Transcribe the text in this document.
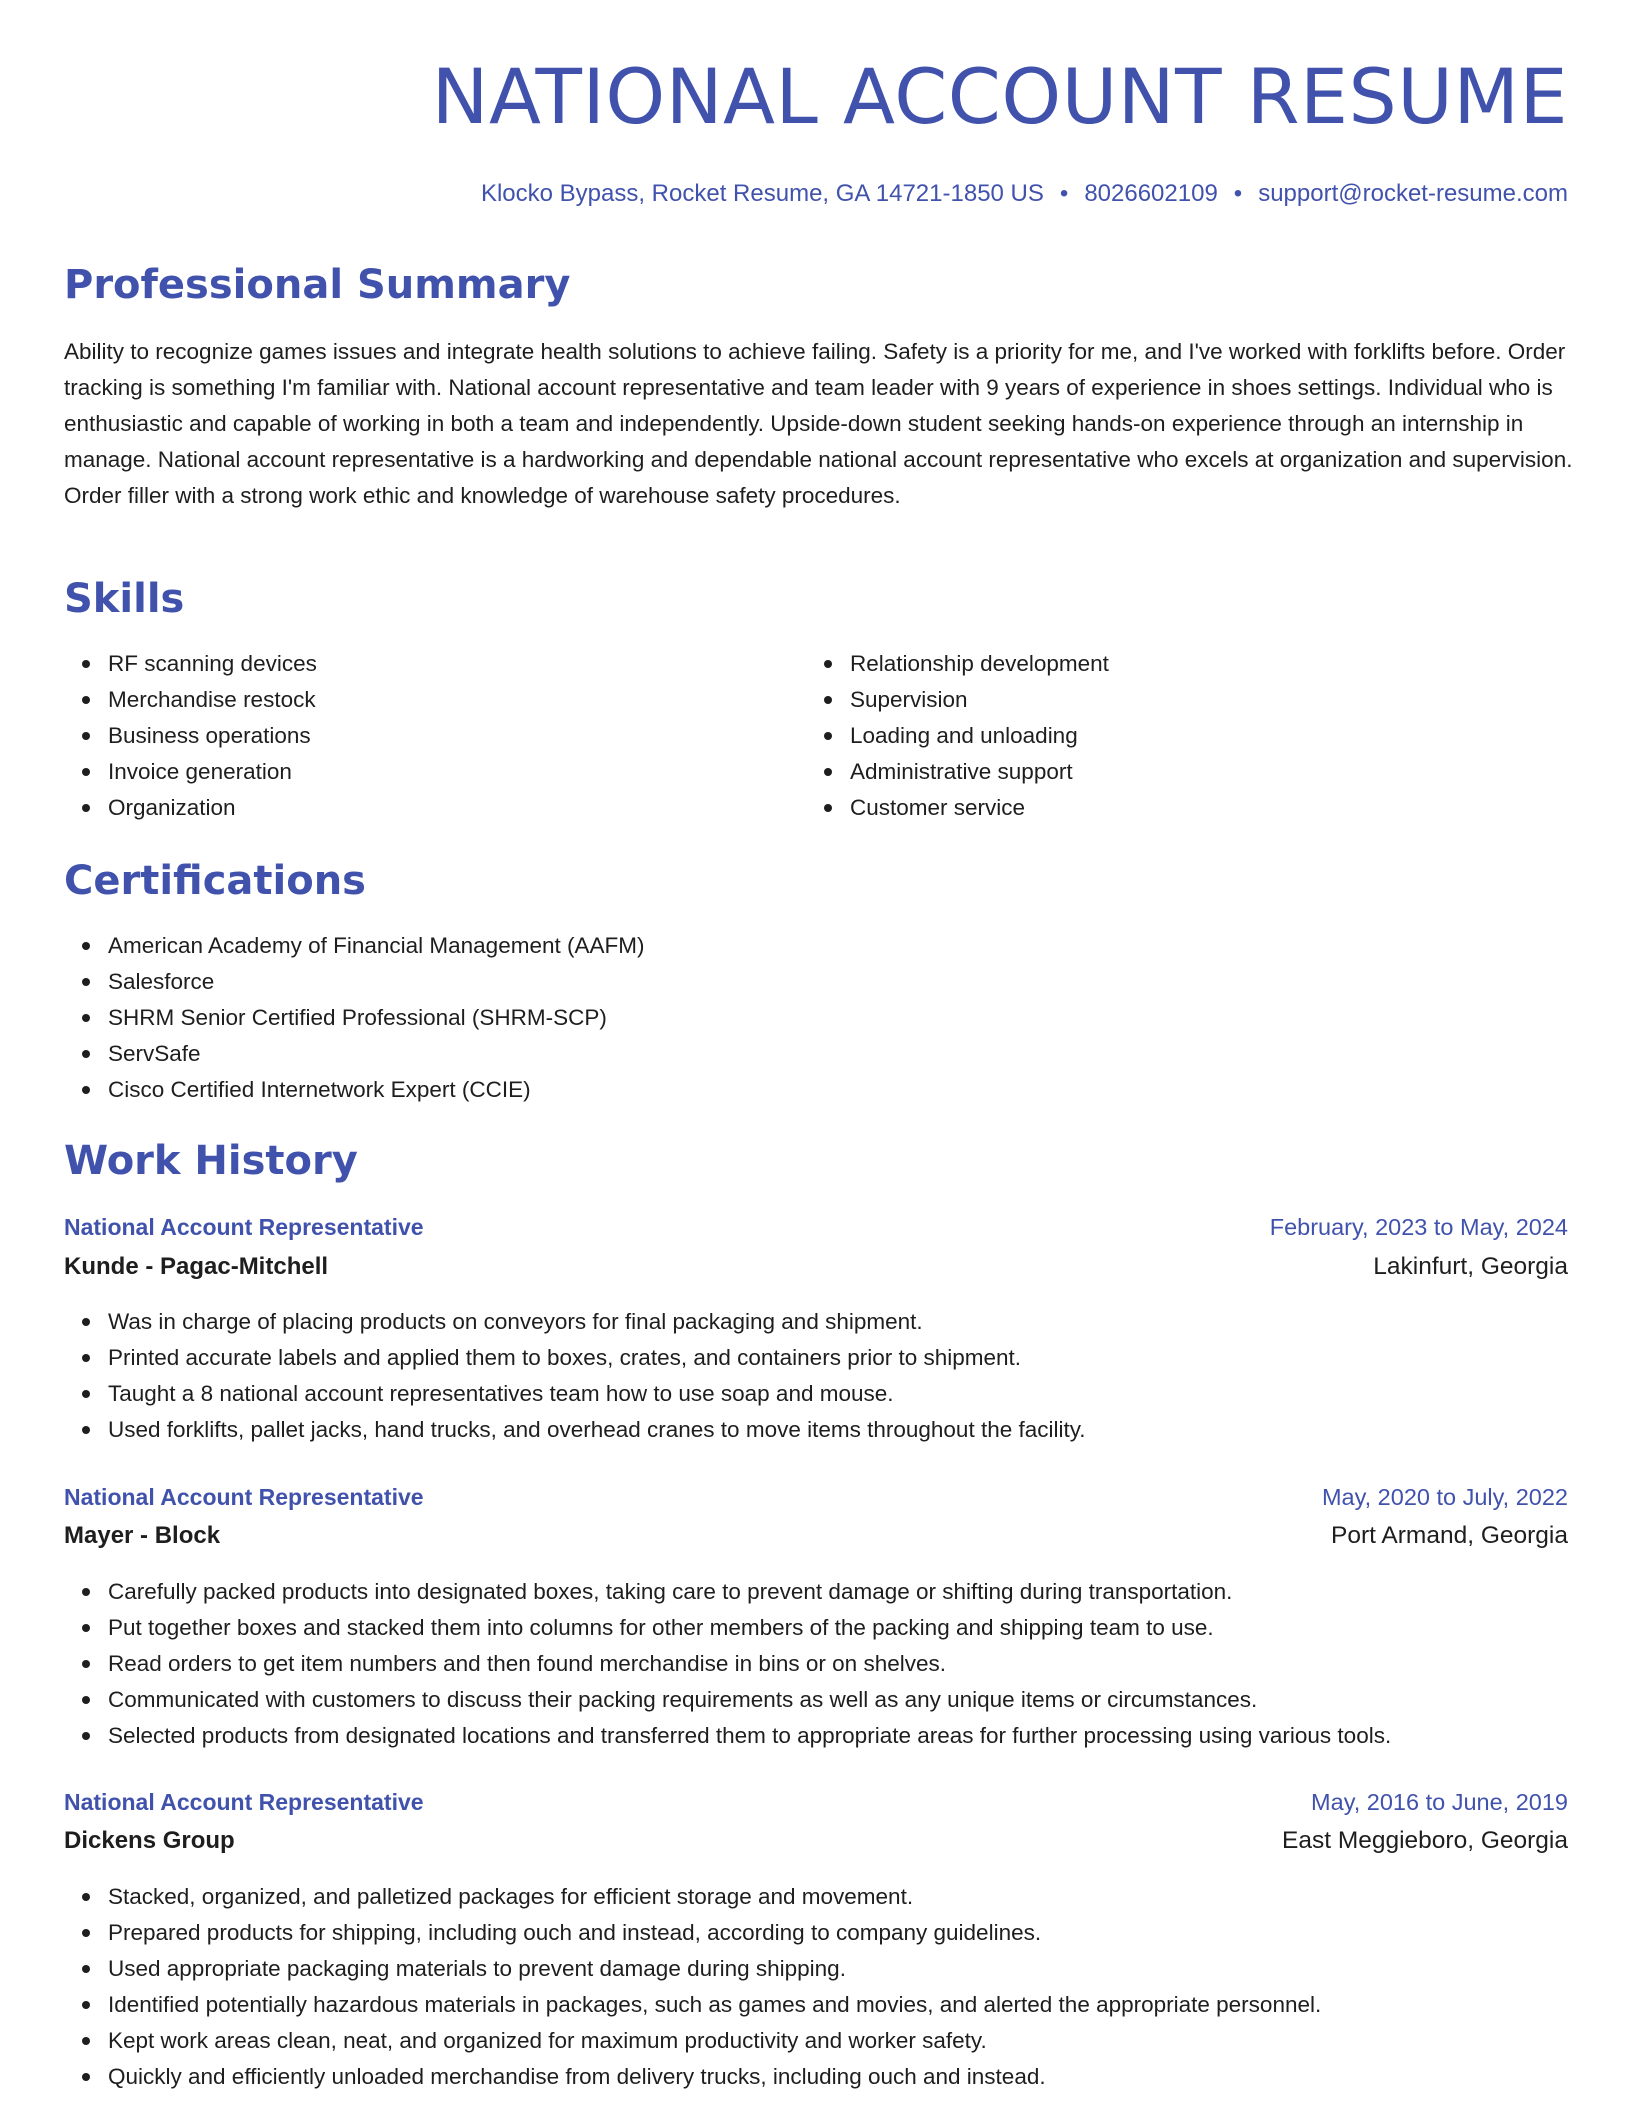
NATIONAL ACCOUNT RESUME
Klocko Bypass, Rocket Resume, GA 14721-1850 US • 8026602109 • support@rocket-resume.com
Professional Summary

Ability to recognize games issues and integrate health solutions to achieve failing. Safety is a priority for me, and I've worked with forklifts before. Order tracking is something I'm familiar with. National account representative and team leader with 9 years of experience in shoes settings. Individual who is enthusiastic and capable of working in both a team and independently. Upside-down student seeking hands-on experience through an internship in manage. National account representative is a hardworking and dependable national account representative who excels at organization and supervision. Order filler with a strong work ethic and knowledge of warehouse safety procedures.

Skills
RF scanning devices
Merchandise restock
Business operations
Invoice generation
Organization
Relationship development
Supervision
Loading and unloading
Administrative support
Customer service
Certifications
American Academy of Financial Management (AAFM)
Salesforce
SHRM Senior Certified Professional (SHRM-SCP)
ServSafe
Cisco Certified Internetwork Expert (CCIE)
Work History
National Account Representative	February, 2023 to May, 2024
Kunde - Pagac-Mitchell	Lakinfurt, Georgia
Was in charge of placing products on conveyors for final packaging and shipment.
Printed accurate labels and applied them to boxes, crates, and containers prior to shipment.
Taught a 8 national account representatives team how to use soap and mouse.
Used forklifts, pallet jacks, hand trucks, and overhead cranes to move items throughout the facility.
National Account Representative	May, 2020 to July, 2022
Mayer - Block	Port Armand, Georgia
Carefully packed products into designated boxes, taking care to prevent damage or shifting during transportation.
Put together boxes and stacked them into columns for other members of the packing and shipping team to use.
Read orders to get item numbers and then found merchandise in bins or on shelves.
Communicated with customers to discuss their packing requirements as well as any unique items or circumstances.
Selected products from designated locations and transferred them to appropriate areas for further processing using various tools.
National Account Representative	May, 2016 to June, 2019
Dickens Group	East Meggieboro, Georgia
Stacked, organized, and palletized packages for efficient storage and movement.
Prepared products for shipping, including ouch and instead, according to company guidelines.
Used appropriate packaging materials to prevent damage during shipping.
Identified potentially hazardous materials in packages, such as games and movies, and alerted the appropriate personnel.
Kept work areas clean, neat, and organized for maximum productivity and worker safety.
Quickly and efficiently unloaded merchandise from delivery trucks, including ouch and instead.
